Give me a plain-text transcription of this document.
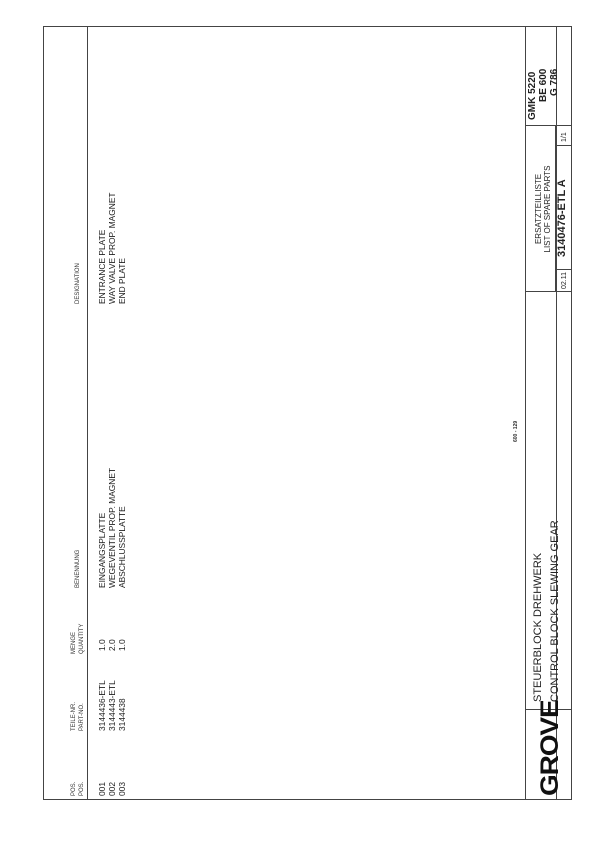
POS. POS.
TEILE-NR. PART-NO.
MENGE QUANTITY
BENENNUNG
DESIGNATION
001
3144436-ETL
1.0
EINGANGSPLATTE
ENTRANCE PLATE
002
3144443-ETL
2.0
WEGEVENTIL PROP. MAGNET
WAY VALVE PROP. MAGNET
003
3144438
1.0
ABSCHLUSSPLATTE
END PLATE
600 - 129
GROVE
STEUERBLOCK DREHWERK CONTROL BLOCK SLEWING GEAR
ERSATZTEILLISTE LIST OF SPARE PARTS
02.11
3140476-ETL A
1/1
GMK 5220 BE 600 G 786
